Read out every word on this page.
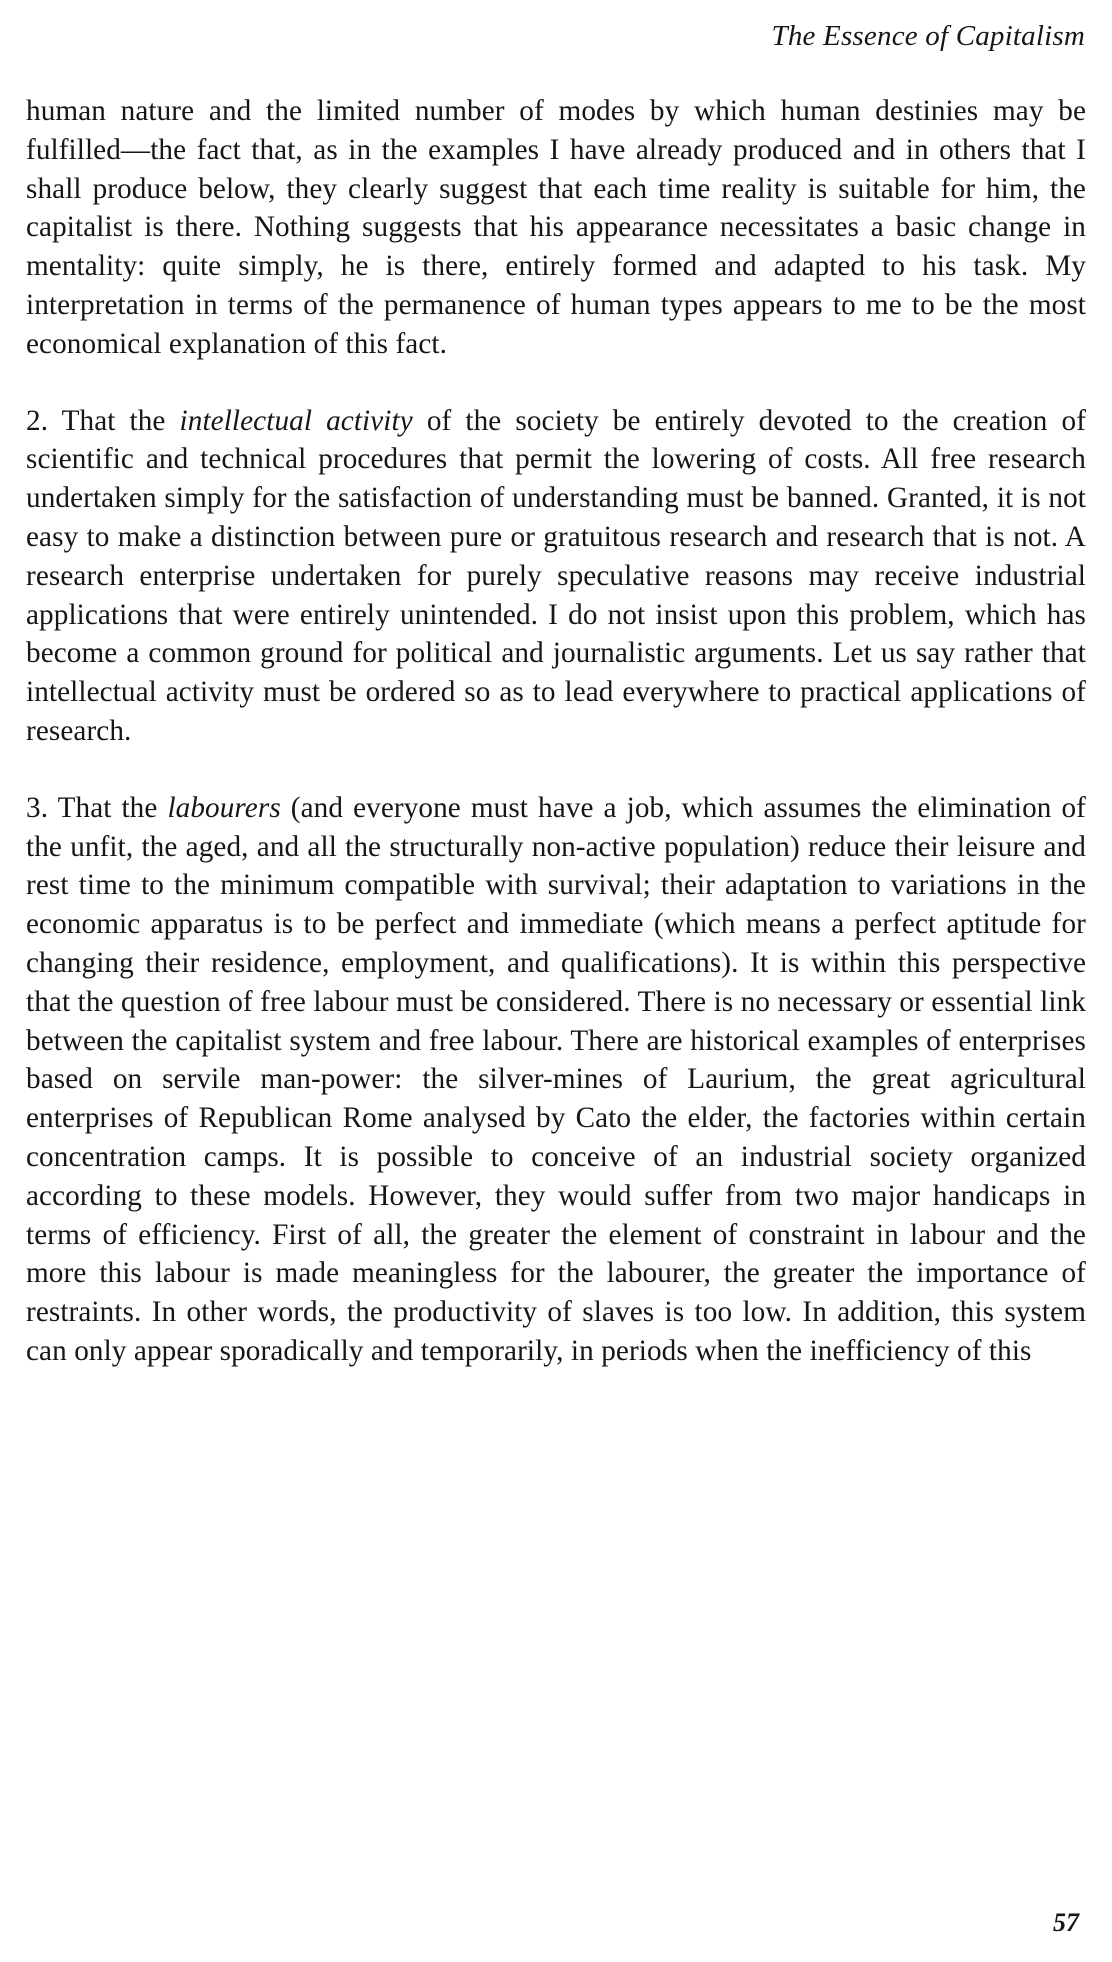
The Essence of Capitalism

human nature and the limited number of modes by which human destinies may be fulfilled—the fact that, as in the examples I have already produced and in others that I shall produce below, they clearly suggest that each time reality is suitable for him, the capitalist is there. Nothing suggests that his appearance necessitates a basic change in mentality: quite simply, he is there, entirely formed and adapted to his task. My interpretation in terms of the permanence of human types appears to me to be the most economical explanation of this fact.

2. That the intellectual activity of the society be entirely devoted to the creation of scientific and technical procedures that permit the lowering of costs. All free research undertaken simply for the satisfaction of understanding must be banned. Granted, it is not easy to make a distinction between pure or gratuitous research and research that is not. A research enterprise undertaken for purely speculative reasons may receive industrial applications that were entirely unintended. I do not insist upon this problem, which has become a common ground for political and journalistic arguments. Let us say rather that intellectual activity must be ordered so as to lead everywhere to practical applications of research.

3. That the labourers (and everyone must have a job, which assumes the elimination of the unfit, the aged, and all the structurally non-active population) reduce their leisure and rest time to the minimum compatible with survival; their adaptation to variations in the economic apparatus is to be perfect and immediate (which means a perfect aptitude for changing their residence, employment, and qualifications). It is within this perspective that the question of free labour must be considered. There is no necessary or essential link between the capitalist system and free labour. There are historical examples of enterprises based on servile man-power: the silver-mines of Laurium, the great agricultural enterprises of Republican Rome analysed by Cato the elder, the factories within certain concentration camps. It is possible to conceive of an industrial society organized according to these models. However, they would suffer from two major handicaps in terms of efficiency. First of all, the greater the element of constraint in labour and the more this labour is made meaningless for the labourer, the greater the importance of restraints. In other words, the productivity of slaves is too low. In addition, this system can only appear sporadically and temporarily, in periods when the inefficiency of this

57
